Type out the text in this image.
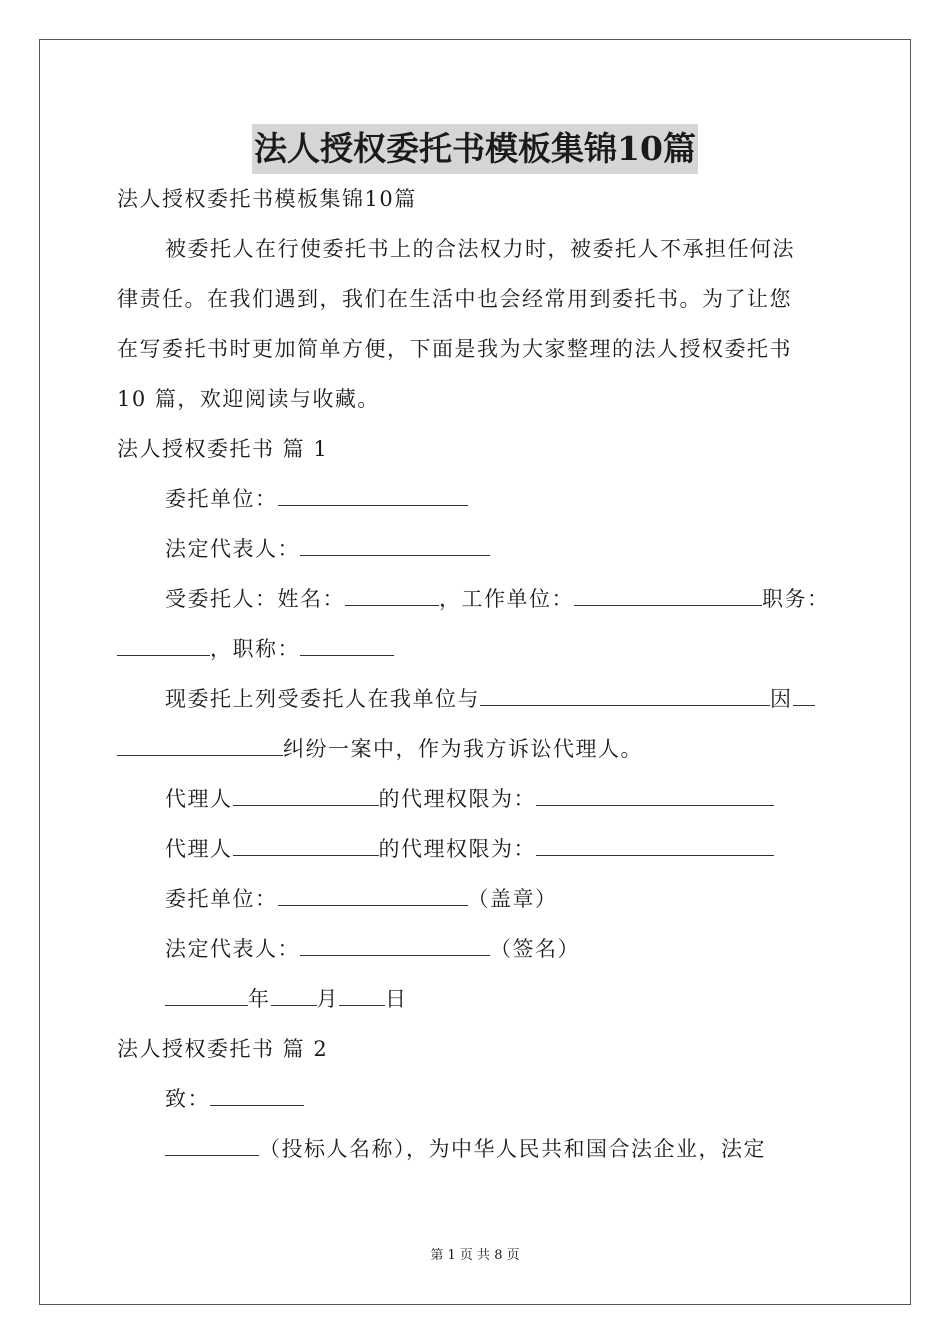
法人授权委托书模板集锦10篇
法人授权委托书模板集锦10篇
被委托人在行使委托书上的合法权力时，被委托人不承担任何法
律责任。在我们遇到，我们在生活中也会经常用到委托书。为了让您
在写委托书时更加简单方便，下面是我为大家整理的法人授权委托书
10 篇，欢迎阅读与收藏。
法人授权委托书 篇 1
委托单位：
法定代表人：
受委托人：姓名：	，工作单位：	职务：
，职称：
现委托上列受委托人在我单位与	因
纠纷一案中，作为我方诉讼代理人。
代理人	的代理权限为：
代理人	的代理权限为：
委托单位：	（盖章）
法定代表人：	（签名）
年 月 日
法人授权委托书 篇 2
致：
（投标人名称），为中华人民共和国合法企业，法定
第 1 页 共 8 页
